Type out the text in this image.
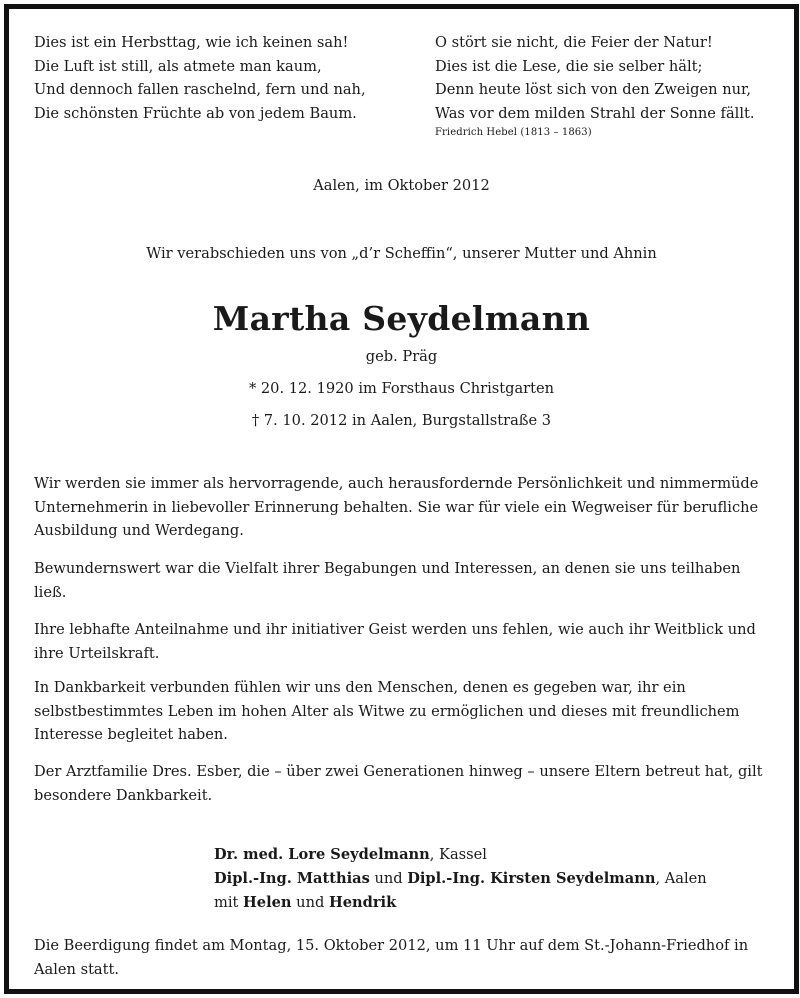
Dies ist ein Herbsttag, wie ich keinen sah!
Die Luft ist still, als atmete man kaum,
Und dennoch fallen raschelnd, fern und nah,
Die schönsten Früchte ab von jedem Baum.
O stört sie nicht, die Feier der Natur!
Dies ist die Lese, die sie selber hält;
Denn heute löst sich von den Zweigen nur,
Was vor dem milden Strahl der Sonne fällt.
Friedrich Hebel (1813 – 1863)
Aalen, im Oktober 2012
Wir verabschieden uns von „d’r Scheffin“, unserer Mutter und Ahnin
Martha Seydelmann
geb. Präg
* 20. 12. 1920 im Forsthaus Christgarten
† 7. 10. 2012 in Aalen, Burgstallstraße 3
Wir werden sie immer als hervorragende, auch herausfordernde Persönlichkeit und nimmermüde Unternehmerin in liebevoller Erinnerung behalten. Sie war für viele ein Wegweiser für berufliche Ausbildung und Werdegang.
Bewundernswert war die Vielfalt ihrer Begabungen und Interessen, an denen sie uns teilhaben ließ.
Ihre lebhafte Anteilnahme und ihr initiativer Geist werden uns fehlen, wie auch ihr Weitblick und ihre Urteilskraft.
In Dankbarkeit verbunden fühlen wir uns den Menschen, denen es gegeben war, ihr ein selbstbestimmtes Leben im hohen Alter als Witwe zu ermöglichen und dieses mit freundlichem Interesse begleitet haben.
Der Arztfamilie Dres. Esber, die – über zwei Generationen hinweg – unsere Eltern betreut hat, gilt besondere Dankbarkeit.
Dr. med. Lore Seydelmann, Kassel
Dipl.-Ing. Matthias und Dipl.-Ing. Kirsten Seydelmann, Aalen
mit Helen und Hendrik
Die Beerdigung findet am Montag, 15. Oktober 2012, um 11 Uhr auf dem St.-Johann-Friedhof in Aalen statt.
